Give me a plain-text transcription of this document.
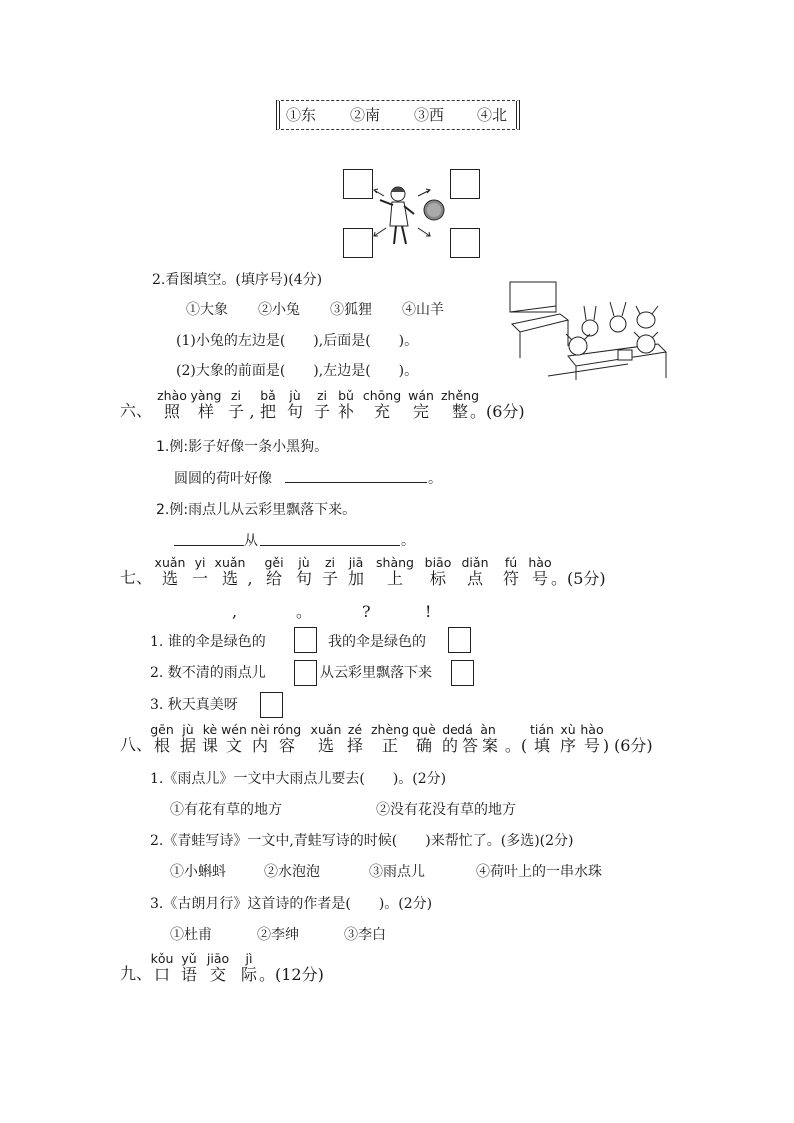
①东 ②南 ③西 ④北
2.看图填空。(填序号)(4分)
①大象 ②小兔 ③狐狸 ④山羊
(1)小兔的左边是(　　),后面是(　　)。
(2)大象的前面是(　　),左边是(　　)。
六、
zhào yàng zi bǎ jù zi bǔ chōng wán zhěng
照 样 子 , 把 句 子 补 充 完 整 。(6分)
1.例:影子好像一条小黑狗。
圆圆的荷叶好像	。
2.例:雨点儿从云彩里飘落下来。
从	。
七、
xuǎn yi xuǎn gěi jù zi jiā shàng biāo diǎn fú hào
选 一 选 , 给 句 子 加 上 标 点 符 号 。(5分)
,	。	?	!
1. 谁的伞是绿色的	我的伞是绿色的
2. 数不清的雨点儿	从云彩里飘落下来
3. 秋天真美呀
八、
gēn jù kè wén nèi róng xuǎn zé zhèng què de dá àn	tián xù hào
根 据 课 文 内 容 选 择 正 确 的 答 案 。( 填 序 号 ) (6分)
1.《雨点儿》一文中大雨点儿要去(　　)。(2分)
①有花有草的地方	②没有花没有草的地方
2.《青蛙写诗》一文中,青蛙写诗的时候(　　)来帮忙了。(多选)(2分)
①小蝌蚪	②水泡泡	③雨点儿	④荷叶上的一串水珠
3.《古朗月行》这首诗的作者是(　　)。(2分)
①杜甫	②李绅	③李白
九、
kǒu yǔ jiāo jì
口 语 交 际 。(12分)
